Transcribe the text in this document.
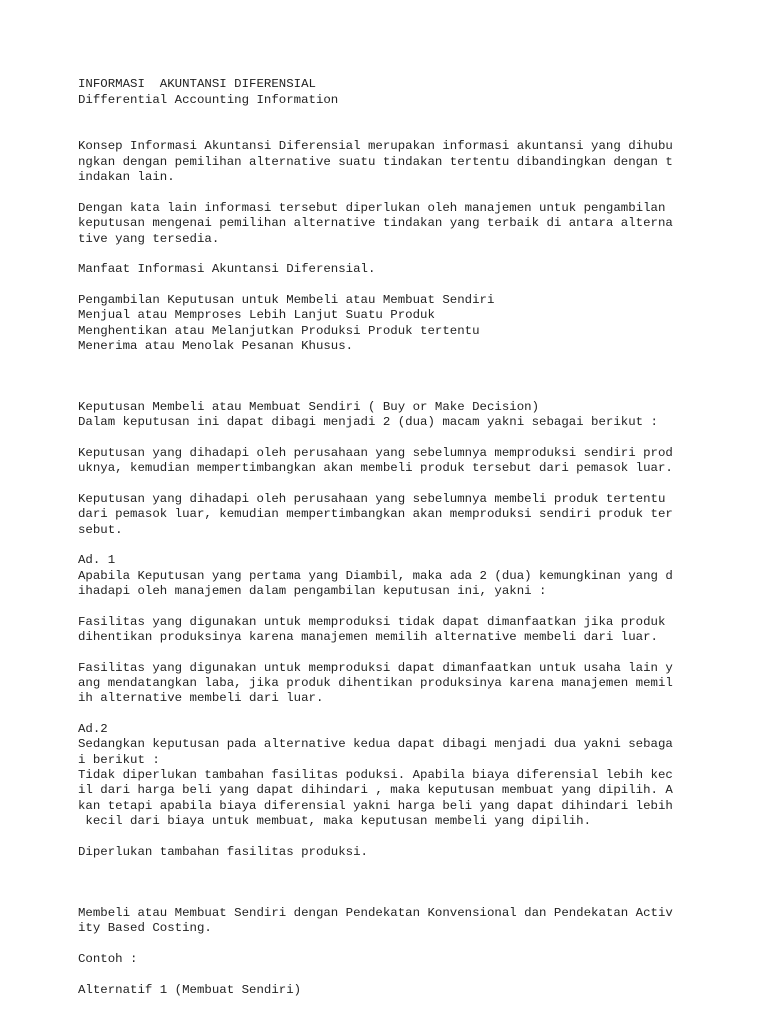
INFORMASI  AKUNTANSI DIFERENSIAL

Differential Accounting Information

Konsep Informasi Akuntansi Diferensial merupakan informasi akuntansi yang dihubu

ngkan dengan pemilihan alternative suatu tindakan tertentu dibandingkan dengan t

indakan lain.

Dengan kata lain informasi tersebut diperlukan oleh manajemen untuk pengambilan

keputusan mengenai pemilihan alternative tindakan yang terbaik di antara alterna

tive yang tersedia.

Manfaat Informasi Akuntansi Diferensial.

Pengambilan Keputusan untuk Membeli atau Membuat Sendiri

Menjual atau Memproses Lebih Lanjut Suatu Produk

Menghentikan atau Melanjutkan Produksi Produk tertentu

Menerima atau Menolak Pesanan Khusus.

Keputusan Membeli atau Membuat Sendiri ( Buy or Make Decision)

Dalam keputusan ini dapat dibagi menjadi 2 (dua) macam yakni sebagai berikut :

Keputusan yang dihadapi oleh perusahaan yang sebelumnya memproduksi sendiri prod

uknya, kemudian mempertimbangkan akan membeli produk tersebut dari pemasok luar.

Keputusan yang dihadapi oleh perusahaan yang sebelumnya membeli produk tertentu

dari pemasok luar, kemudian mempertimbangkan akan memproduksi sendiri produk ter

sebut.

Ad. 1

Apabila Keputusan yang pertama yang Diambil, maka ada 2 (dua) kemungkinan yang d

ihadapi oleh manajemen dalam pengambilan keputusan ini, yakni :

Fasilitas yang digunakan untuk memproduksi tidak dapat dimanfaatkan jika produk

dihentikan produksinya karena manajemen memilih alternative membeli dari luar.

Fasilitas yang digunakan untuk memproduksi dapat dimanfaatkan untuk usaha lain y

ang mendatangkan laba, jika produk dihentikan produksinya karena manajemen memil

ih alternative membeli dari luar.

Ad.2

Sedangkan keputusan pada alternative kedua dapat dibagi menjadi dua yakni sebaga

i berikut :

Tidak diperlukan tambahan fasilitas poduksi. Apabila biaya diferensial lebih kec

il dari harga beli yang dapat dihindari , maka keputusan membuat yang dipilih. A

kan tetapi apabila biaya diferensial yakni harga beli yang dapat dihindari lebih

kecil dari biaya untuk membuat, maka keputusan membeli yang dipilih.

Diperlukan tambahan fasilitas produksi.

Membeli atau Membuat Sendiri dengan Pendekatan Konvensional dan Pendekatan Activ

ity Based Costing.

Contoh :

Alternatif 1 (Membuat Sendiri)
